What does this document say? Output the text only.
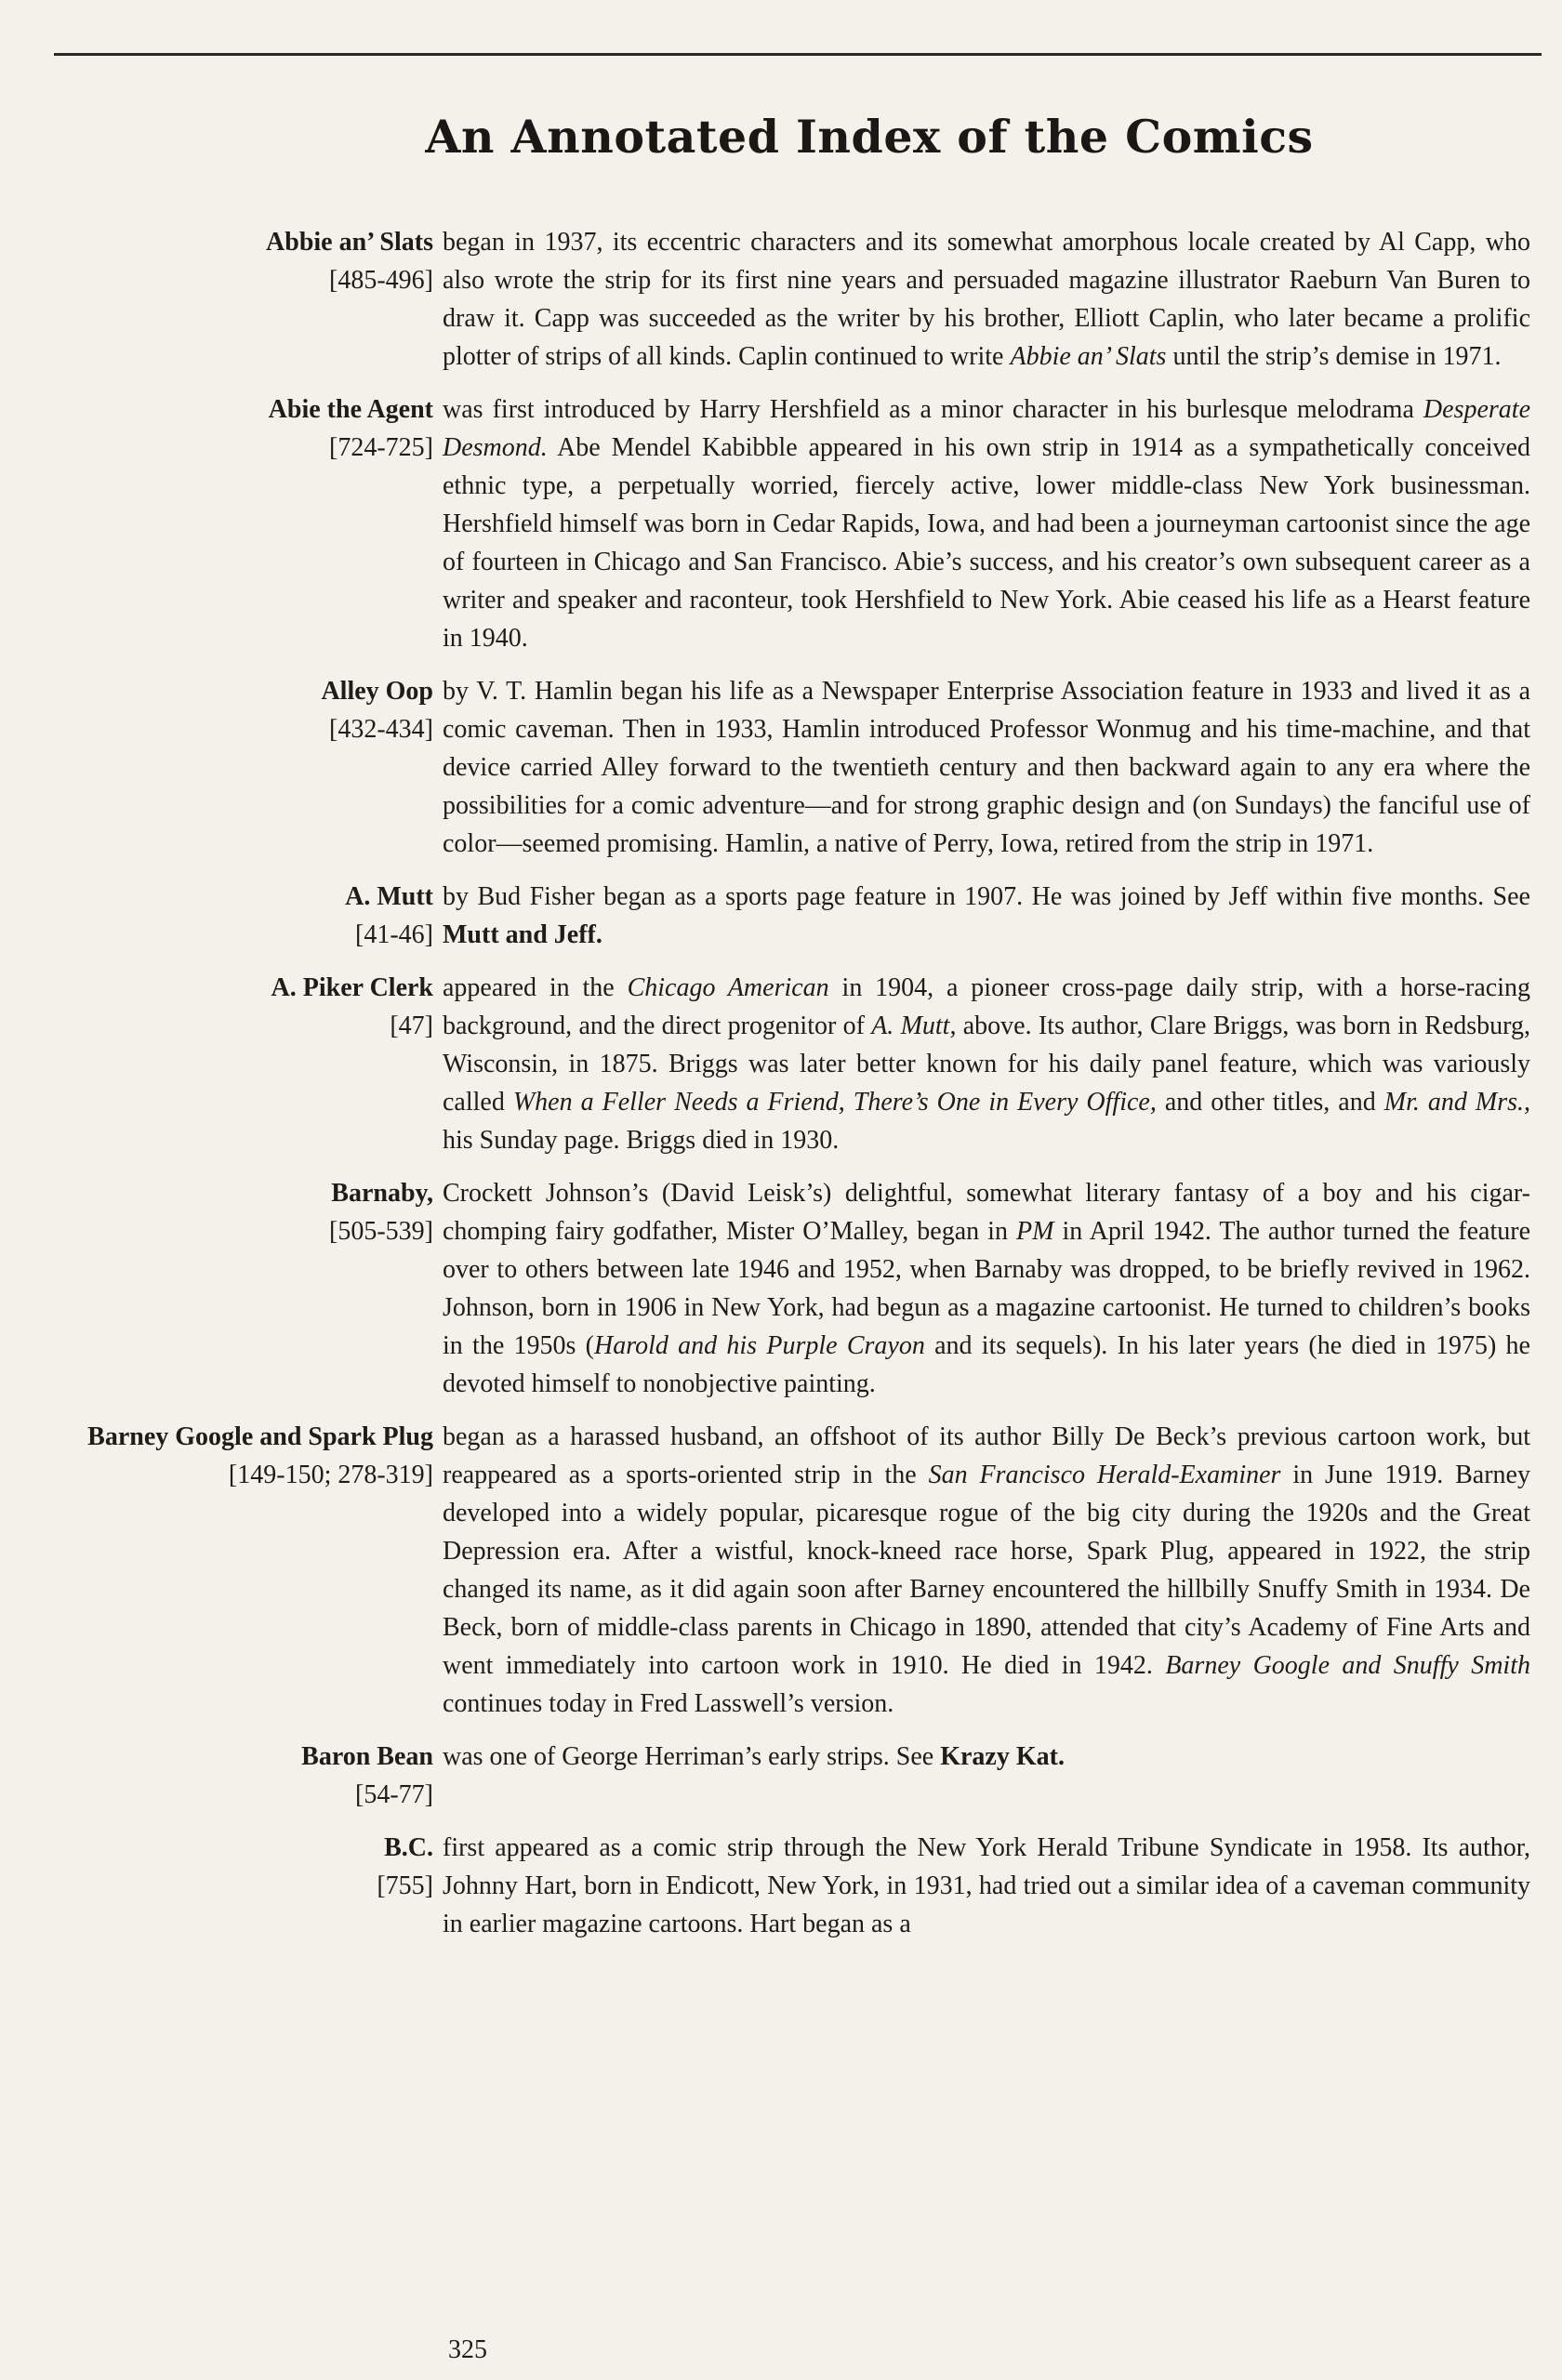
An Annotated Index of the Comics
Abbie an’ Slats
[485-496]
began in 1937, its eccentric characters and its somewhat amorphous locale created by Al Capp, who also wrote the strip for its first nine years and persuaded magazine illustrator Raeburn Van Buren to draw it. Capp was succeeded as the writer by his brother, Elliott Caplin, who later became a prolific plotter of strips of all kinds. Caplin continued to write Abbie an’ Slats until the strip’s demise in 1971.
Abie the Agent
[724-725]
was first introduced by Harry Hershfield as a minor character in his burlesque melodrama Desperate Desmond. Abe Mendel Kabibble appeared in his own strip in 1914 as a sympathetically conceived ethnic type, a perpetually worried, fiercely active, lower middle-class New York businessman. Hershfield himself was born in Cedar Rapids, Iowa, and had been a journeyman cartoonist since the age of fourteen in Chicago and San Francisco. Abie’s success, and his creator’s own subsequent career as a writer and speaker and raconteur, took Hershfield to New York. Abie ceased his life as a Hearst feature in 1940.
Alley Oop
[432-434]
by V. T. Hamlin began his life as a Newspaper Enterprise Association feature in 1933 and lived it as a comic caveman. Then in 1933, Hamlin introduced Professor Wonmug and his time-machine, and that device carried Alley forward to the twentieth century and then backward again to any era where the possibilities for a comic adventure—and for strong graphic design and (on Sundays) the fanciful use of color—seemed promising. Hamlin, a native of Perry, Iowa, retired from the strip in 1971.
A. Mutt
[41-46]
by Bud Fisher began as a sports page feature in 1907. He was joined by Jeff within five months. See Mutt and Jeff.
A. Piker Clerk
[47]
appeared in the Chicago American in 1904, a pioneer cross-page daily strip, with a horse-racing background, and the direct progenitor of A. Mutt, above. Its author, Clare Briggs, was born in Redsburg, Wisconsin, in 1875. Briggs was later better known for his daily panel feature, which was variously called When a Feller Needs a Friend, There’s One in Every Office, and other titles, and Mr. and Mrs., his Sunday page. Briggs died in 1930.
Barnaby,
[505-539]
Crockett Johnson’s (David Leisk’s) delightful, somewhat literary fantasy of a boy and his cigar-chomping fairy godfather, Mister O’Malley, began in PM in April 1942. The author turned the feature over to others between late 1946 and 1952, when Barnaby was dropped, to be briefly revived in 1962. Johnson, born in 1906 in New York, had begun as a magazine cartoonist. He turned to children’s books in the 1950s (Harold and his Purple Crayon and its sequels). In his later years (he died in 1975) he devoted himself to nonobjective painting.
Barney Google and Spark Plug
[149-150; 278-319]
began as a harassed husband, an offshoot of its author Billy De Beck’s previous cartoon work, but reappeared as a sports-oriented strip in the San Francisco Herald-Examiner in June 1919. Barney developed into a widely popular, picaresque rogue of the big city during the 1920s and the Great Depression era. After a wistful, knock-kneed race horse, Spark Plug, appeared in 1922, the strip changed its name, as it did again soon after Barney encountered the hillbilly Snuffy Smith in 1934. De Beck, born of middle-class parents in Chicago in 1890, attended that city’s Academy of Fine Arts and went immediately into cartoon work in 1910. He died in 1942. Barney Google and Snuffy Smith continues today in Fred Lasswell’s version.
Baron Bean
[54-77]
was one of George Herriman’s early strips. See Krazy Kat.
B.C.
[755]
first appeared as a comic strip through the New York Herald Tribune Syndicate in 1958. Its author, Johnny Hart, born in Endicott, New York, in 1931, had tried out a similar idea of a caveman community in earlier magazine cartoons. Hart began as a
325
